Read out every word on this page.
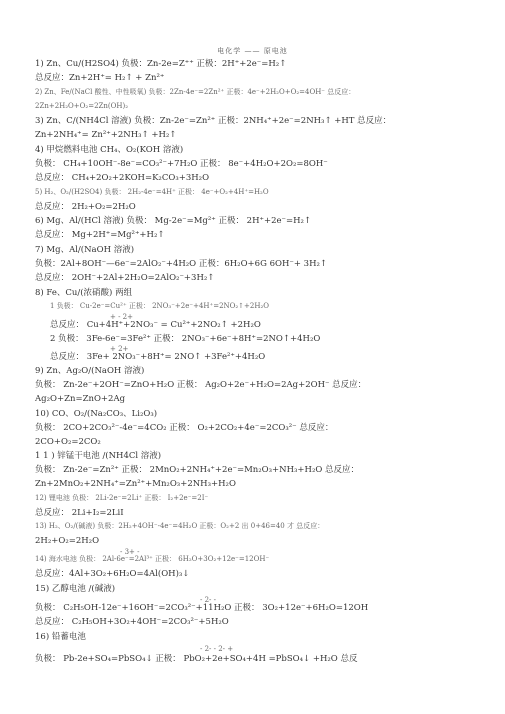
电化学 —— 原电池
1) Zn、Cu/(H2SO4) 负极：Zn-2e=Z⁺⁺ 正极：2H⁺+2e⁻=H₂↑
总反应：Zn+2H⁺= H₂↑ + Zn²⁺
2) Zn、Fe/(NaCl 酸性、中性吸氧) 负极：2Zn-4e⁻=2Zn²⁺ 正极：4e⁻+2H₂O+O₂=4OH⁻ 总反应：
2Zn+2H₂O+O₂=2Zn(OH)₂
3) Zn、C/(NH4Cl 溶液) 负极：Zn-2e⁻=Zn²⁺ 正极：2NH₄⁺+2e⁻=2NH₃↑ +HT 总反应：
Zn+2NH₄⁺= Zn²⁺+2NH₃↑ +H₂↑
4) 甲烷燃料电池 CH₄、O₂(KOH 溶液)
负极： CH₄+10OH⁻-8e⁻=CO₃²⁻+7H₂O 正极： 8e⁻+4H₂O+2O₂=8OH⁻
总反应： CH₄+2O₂+2KOH=K₂CO₃+3H₂O
5) H₂、O₂/(H2SO4) 负极： 2H₂-4e⁻=4H⁺ 正极： 4e⁻+O₂+4H⁺=H₂O
总反应： 2H₂+O₂=2H₂O
6) Mg、Al/(HCl 溶液) 负极： Mg-2e⁻=Mg²⁺ 正极： 2H⁺+2e⁻=H₂↑
总反应： Mg+2H⁺=Mg²⁺+H₂↑
7) Mg、Al/(NaOH 溶液)
负极：2Al+8OH⁻—6e⁻=2AlO₂⁻+4H₂O 正极：6H₂O+6G 6OH⁻+ 3H₂↑
总反应： 2OH⁻+2Al+2H₂O=2AlO₂⁻+3H₂↑
8) Fe、Cu/(浓硝酸) 两组
1 负极： Cu-2e⁻=Cu²⁺ 正极： 2NO₃⁻+2e⁻+4H⁺=2NO₂↑+2H₂O
+ - 2+
总反应： Cu+4H⁺+2NO₃⁻ = Cu²⁺+2NO₂↑ +2H₂O
2 负极： 3Fe-6e⁻=3Fe²⁺ 正极： 2NO₃⁻+6e⁻+8H⁺=2NO↑+4H₂O
+ 2+
总反应： 3Fe+ 2NO₃⁻+8H⁺= 2NO↑ +3Fe²⁺+4H₂O
9) Zn、Ag₂O/(NaOH 溶液)
负极： Zn-2e⁻+2OH⁻=ZnO+H₂O 正极： Ag₂O+2e⁻+H₂O=2Ag+2OH⁻ 总反应：
Ag₂O+Zn=ZnO+2Ag
10) CO、O₂/(Na₂CO₃、Li₂O₃)
负极： 2CO+2CO₃²⁻-4e⁻=4CO₂ 正极： O₂+2CO₂+4e⁻=2CO₃²⁻ 总反应：
2CO+O₂=2CO₂
1 1 ) 锌锰干电池 /(NH4Cl 溶液)
负极： Zn-2e⁻=Zn²⁺ 正极： 2MnO₂+2NH₄⁺+2e⁻=Mn₂O₃+NH₃+H₂O 总反应：
Zn+2MnO₂+2NH₄⁺=Zn²⁺+Mn₂O₃+2NH₃+H₂O
12) 锂电池 负极： 2Li-2e⁻=2Li⁺ 正极： I₂+2e⁻=2I⁻
总反应： 2Li+I₂=2LiI
13) H₂、O₂/(碱液) 负极：2H₂+4OH⁻-4e⁻=4H₂O 正极：O₂+2 出 0+46=40 才 总反应：
2H₂+O₂=2H₂O
- 3+ -
14) 海水电池 负极： 2Al-6e⁻=2Al³⁺ 正极： 6H₂O+3O₂+12e⁻=12OH⁻
总反应：4Al+3O₂+6H₂O=4Al(OH)₃↓
15) 乙醇电池 /(碱液)
- 2- -
负极： C₂H₅OH-12e⁻+16OH⁻=2CO₃²⁻+11H₂O 正极： 3O₂+12e⁻+6H₂O=12OH
总反应： C₂H₅OH+3O₂+4OH⁻=2CO₃²⁻+5H₂O
16) 铅蓄电池
- 2- - 2- +
负极： Pb-2e+SO₄=PbSO₄↓ 正极： PbO₂+2e+SO₄+4H =PbSO₄↓ +H₂O 总反
